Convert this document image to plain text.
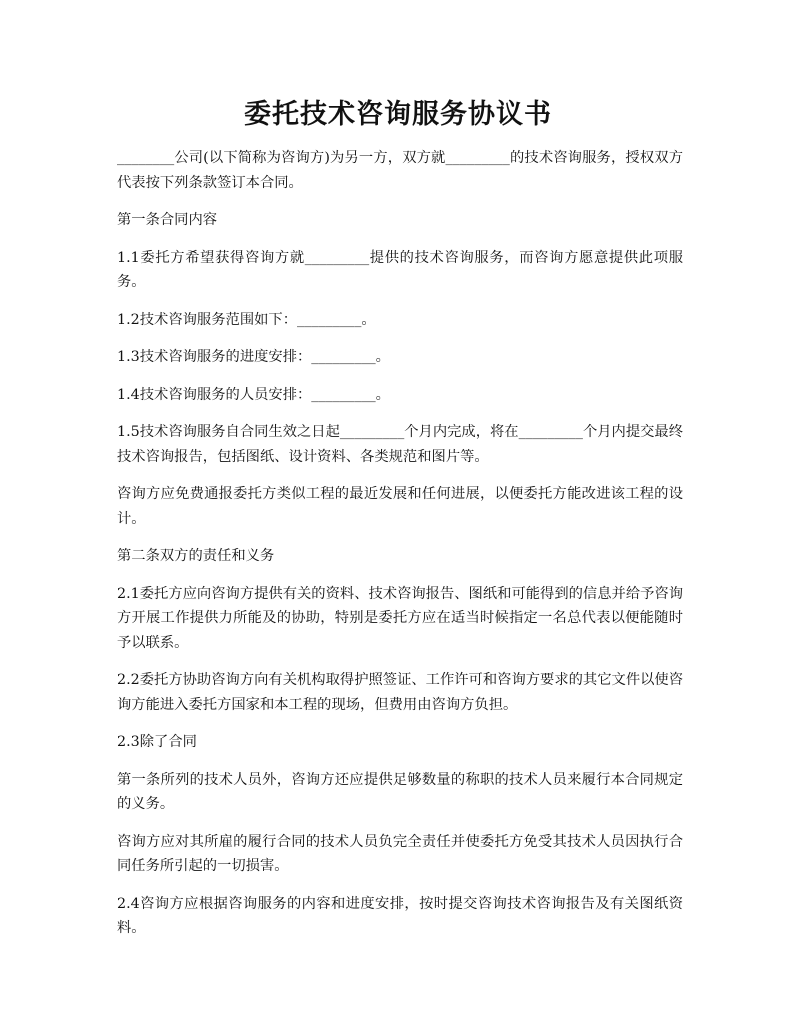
委托技术咨询服务协议书

________公司(以下简称为咨询方)为另一方，双方就_________的技术咨询服务，授权双方代表按下列条款签订本合同。

第一条合同内容

1.1委托方希望获得咨询方就_________提供的技术咨询服务，而咨询方愿意提供此项服务。

1.2技术咨询服务范围如下：_________。

1.3技术咨询服务的进度安排：_________。

1.4技术咨询服务的人员安排：_________。

1.5技术咨询服务自合同生效之日起_________个月内完成，将在_________个月内提交最终技术咨询报告，包括图纸、设计资料、各类规范和图片等。

咨询方应免费通报委托方类似工程的最近发展和任何进展，以便委托方能改进该工程的设计。

第二条双方的责任和义务

2.1委托方应向咨询方提供有关的资料、技术咨询报告、图纸和可能得到的信息并给予咨询方开展工作提供力所能及的协助，特别是委托方应在适当时候指定一名总代表以便能随时予以联系。

2.2委托方协助咨询方向有关机构取得护照签证、工作许可和咨询方要求的其它文件以使咨询方能进入委托方国家和本工程的现场，但费用由咨询方负担。

2.3除了合同

第一条所列的技术人员外，咨询方还应提供足够数量的称职的技术人员来履行本合同规定的义务。

咨询方应对其所雇的履行合同的技术人员负完全责任并使委托方免受其技术人员因执行合同任务所引起的一切损害。

2.4咨询方应根据咨询服务的内容和进度安排，按时提交咨询技术咨询报告及有关图纸资料。
